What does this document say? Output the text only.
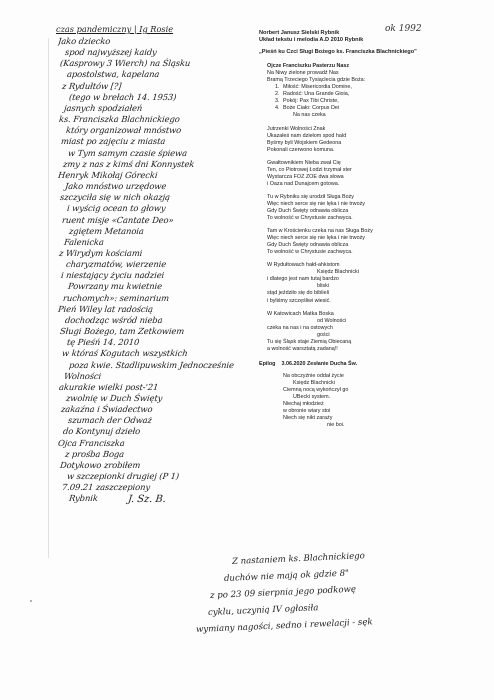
czas pandemiczny | Ig Rosie
Jako dziecko
spod najwyższej kaidy
(Kasprowy 3 Wierch) na Śląsku
apostolstwa, kapelana
z Rydułtów [?]
(tego w brełach 14. 1953)
jasnych spodziałeń
ks. Franciszka Blachnickiego
który organizował mnóstwo
miast po zajęciu z miasta
w Tym samym czasie śpiewa
zmy z nas z kimś dni Konnystek
Henryk Mikołaj Górecki
Jako mnóstwo urzędowe
szczyciła się w nich okazją
i wyścig ocean to głowy
ruent misje «Cantate Deo»
zgiętem Metanoia
Falenicka
z Wirydym kościami
charyzmatów, wierzenie
i niestający życiu nadziei
Powrzany mu kwietnie
ruchomych»: seminarium
Pień Wiley lat radością
dochodząc wśród nieba
Sługi Bożego, tam Zetkowiem
tę Pieśń 14. 2010
w któraś Kogutach wszystkich
poza kwie. Stadlipuwskim Jednocześnie
Wolności
akurakie wielki post-'21
zwolnię w Duch Święty
zakaźna i Świadectwo
szumach der Odważ
do Kontynuj dzieło
Ojca Franciszka
z prośba Boga
Dotykowo zrobiłem
w szczepionki drugiej (P 1)
7.09.21 zaszczepiony
Rybnik	J. Sz. B.
ok 1992
Norbert Janusz Sielski Rybnik
Układ tekstu i melodia A.D 2010 Rybnik
„Pieśń ku Czci Sługi Bożego ks. Franciszka Blachnickiego"
Ojcze Franciszku Pasterzu Nasz
Na Niwy zielone prowadź Nas
Bramą Trzeciego Tysiąclecia gdzie Boża:
1. Miłość: Misericordia Domine,
2. Radość: Una Grande Gioia,
3. Pokój: Pax Tibi Christe,
4. Boże Ciało: Corpus Dei
Na nas czeka
Jutrzenki Wolności Znak
Ukazałeś nam dziełom spod hald
Byśmy byli Wojskiem Gedeona
Pokonali czerwono komuna.
Gwałtownikiem Nieba zwał Cię
Ten, co Piotrowej Łodzi trzymał ster
Wystarcza FOZ ZOE dwa słowa
i Oaza nad Dunajcem gotowa.
Tu w Rybniku się urodził Sługa Boży
Więc niech serce się nie lęka i nie trwoży
Gdy Duch Święty odnawia oblicza
To wolność w Chrystusie zachwyca.
Tam w Krościenku czeka na nas Sługa Boży
Więc niech serce się nie lęka i nie trwoży
Gdy Duch Święty odnawia oblicza
To wolność w Chrystusie zachwyca.
W Rydułtowach hałd-ahkistom
Księdz Blachnicki
i dlatego jest nam tutaj bardzo
bliski
stąd jeździło się do biblieli
i byliśmy szczęśliwi wiesić.
W Katowicach Matka Boska
od Wolności
czeka na nas i na ostowych
gości
Tu się Śląsk staje Ziemią Obiecaną
a wolność warsztatą zadaną!!
Epilog 3.06.2020 Zesłanie Ducha Św.
Na obczyźnie oddał życie
Księdz Blachnicki
Ciemną nocą wykończył go
UBecki system.
Niechaj młodzież
w obronie wiary stoi
Niech się nikt zaraży
nie boi.
Z nastaniem ks. Blachnickiego
duchów nie mają ok gdzie 8"
z po 23 09 sierpnia jego podkowę
cyklu, uczynią IV ogłosiła
wymiany nagości, sedno i rewelacji - sęk
